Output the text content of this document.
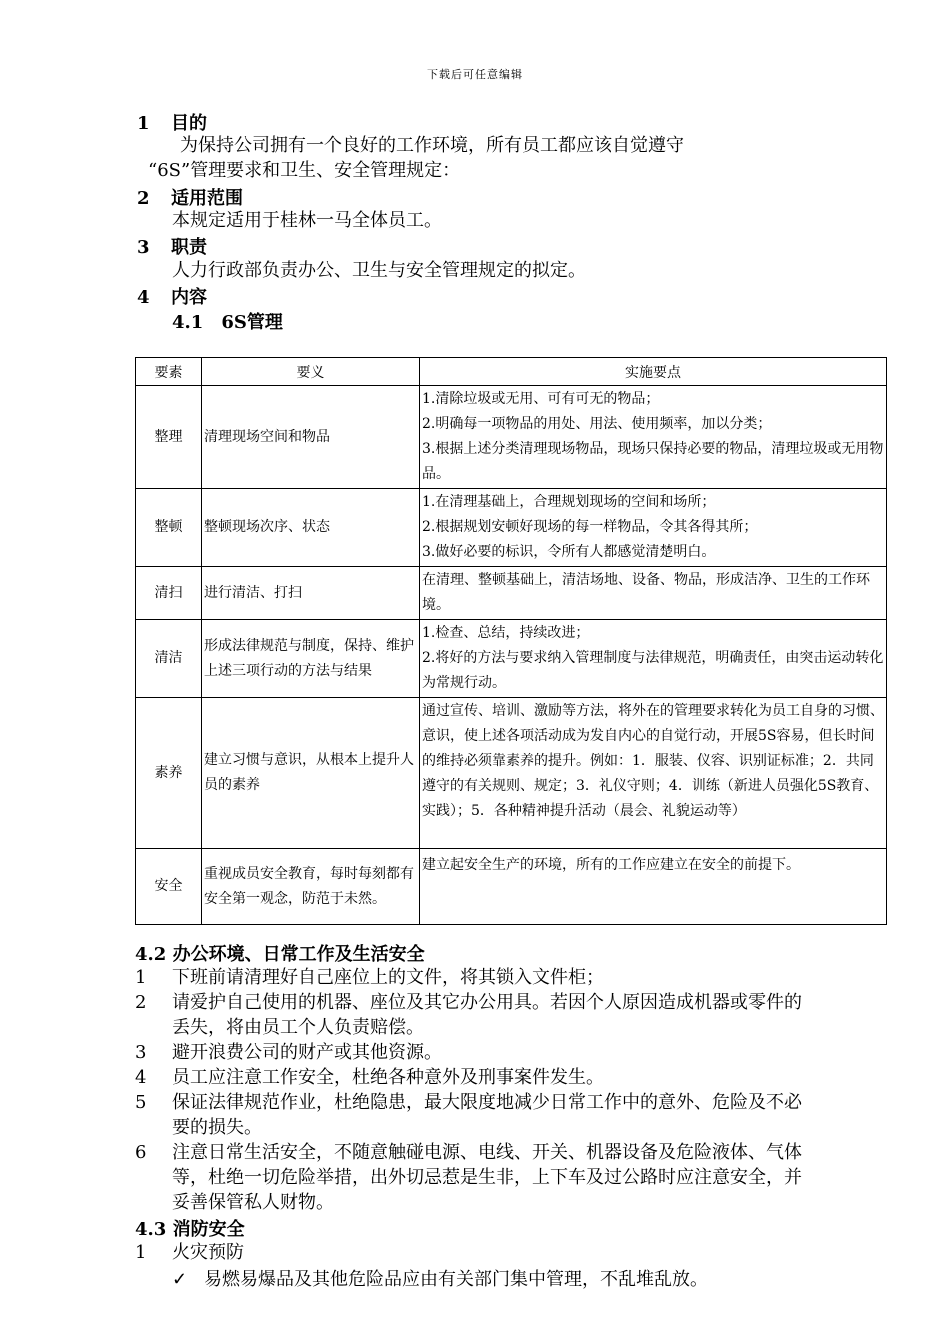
下载后可任意编辑
1 目的
为保持公司拥有一个良好的工作环境，所有员工都应该自觉遵守
“6S”管理要求和卫生、安全管理规定：
2 适用范围
本规定适用于桂林一马全体员工。
3 职责
人力行政部负责办公、卫生与安全管理规定的拟定。
4 内容
4.1　6S管理
要素	要义	实施要点
整理	清理现场空间和物品	1.清除垃圾或无用、可有可无的物品；
2.明确每一项物品的用处、用法、使用频率，加以分类；
3.根据上述分类清理现场物品，现场只保持必要的物品，清理垃圾或无用物品。

整顿	整顿现场次序、状态	1.在清理基础上，合理规划现场的空间和场所；
2.根据规划安顿好现场的每一样物品，令其各得其所；
3.做好必要的标识，令所有人都感觉清楚明白。

清扫	进行清洁、打扫	在清理、整顿基础上，清洁场地、设备、物品，形成洁净、卫生的工作环境。

清洁	形成法律规范与制度，保持、维护上述三项行动的方法与结果	1.检查、总结，持续改进；
2.将好的方法与要求纳入管理制度与法律规范，明确责任，由突击运动转化为常规行动。

素养	建立习惯与意识，从根本上提升人员的素养	通过宣传、培训、激励等方法，将外在的管理要求转化为员工自身的习惯、意识，使上述各项活动成为发自内心的自觉行动，开展5S容易，但长时间的维持必须靠素养的提升。例如：1．服装、仪容、识别证标准；2．共同遵守的有关规则、规定；3．礼仪守则；4．训练（新进人员强化5S教育、实践）；5．各种精神提升活动（晨会、礼貌运动等）

安全	重视成员安全教育，每时每刻都有安全第一观念，防范于未然。	建立起安全生产的环境，所有的工作应建立在安全的前提下。
4.2 办公环境、日常工作及生活安全
1	下班前请清理好自己座位上的文件，将其锁入文件柜；
2	请爱护自己使用的机器、座位及其它办公用具。若因个人原因造成机器或零件的丢失，将由员工个人负责赔偿。
3	避开浪费公司的财产或其他资源。
4	员工应注意工作安全，杜绝各种意外及刑事案件发生。
5	保证法律规范作业，杜绝隐患，最大限度地减少日常工作中的意外、危险及不必要的损失。
6	注意日常生活安全，不随意触碰电源、电线、开关、机器设备及危险液体、气体等，杜绝一切危险举措，出外切忌惹是生非，上下车及过公路时应注意安全，并妥善保管私人财物。
4.3 消防安全
1	火灾预防
✓ 易燃易爆品及其他危险品应由有关部门集中管理，不乱堆乱放。
